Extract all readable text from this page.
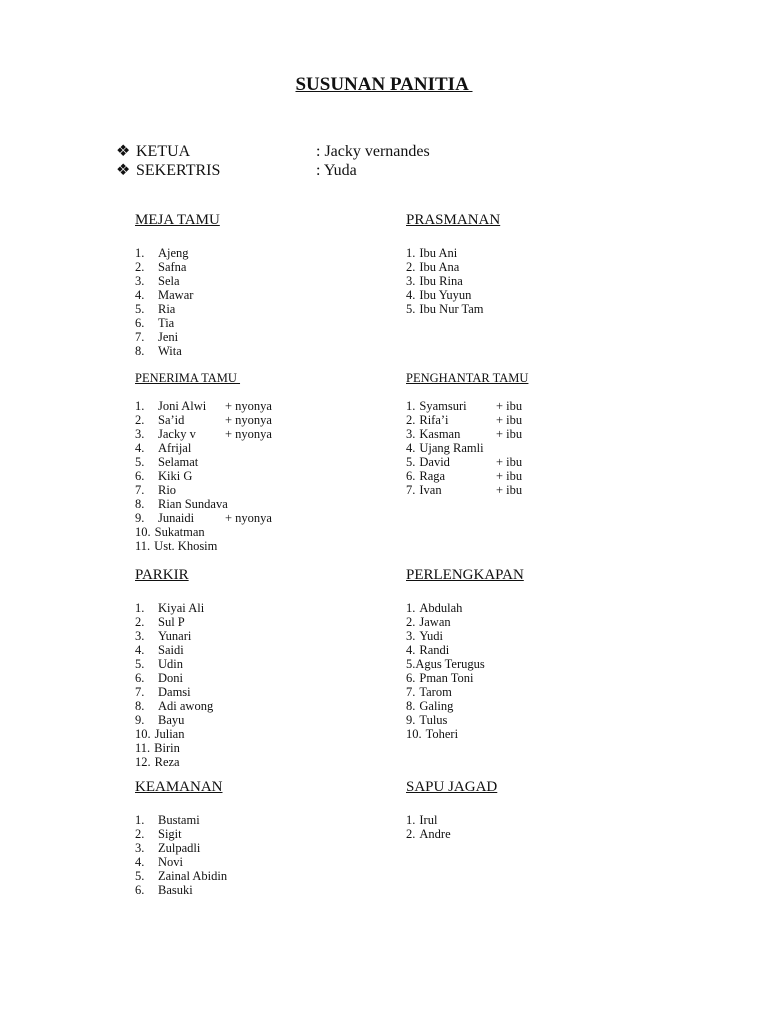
SUSUNAN PANITIA
❖ KETUA	: Jacky vernandes
❖ SEKERTRIS	: Yuda
MEJA TAMU
1. Ajeng
2. Safna
3. Sela
4. Mawar
5. Ria
6. Tia
7. Jeni
8. Wita
PRASMANAN
1. Ibu Ani
2. Ibu Ana
3. Ibu Rina
4. Ibu Yuyun
5. Ibu Nur Tam
PENERIMA TAMU
1. Joni Alwi + nyonya
2. Sa’id	+ nyonya
3. Jacky v + nyonya
4. Afrijal
5. Selamat
6. Kiki G
7. Rio
8. Rian Sundava
9. Junaidi + nyonya
10. Sukatman
11. Ust. Khosim
PENGHANTAR TAMU
1. Syamsuri + ibu
2. Rifa’i	+ ibu
3. Kasman	+ ibu
4. Ujang Ramli
5. David	+ ibu
6. Raga	+ ibu
7. Ivan	+ ibu
PARKIR
1. Kiyai Ali
2. Sul P
3. Yunari
4. Saidi
5. Udin
6. Doni
7. Damsi
8. Adi awong
9. Bayu
10. Julian
11. Birin
12. Reza
PERLENGKAPAN
1. Abdulah
2. Jawan
3. Yudi
4. Randi
5.Agus Terugus
6. Pman Toni
7. Tarom
8. Galing
9. Tulus
10. Toheri
KEAMANAN
1. Bustami
2. Sigit
3. Zulpadli
4. Novi
5. Zainal Abidin
6. Basuki
SAPU JAGAD
1. Irul
2. Andre
